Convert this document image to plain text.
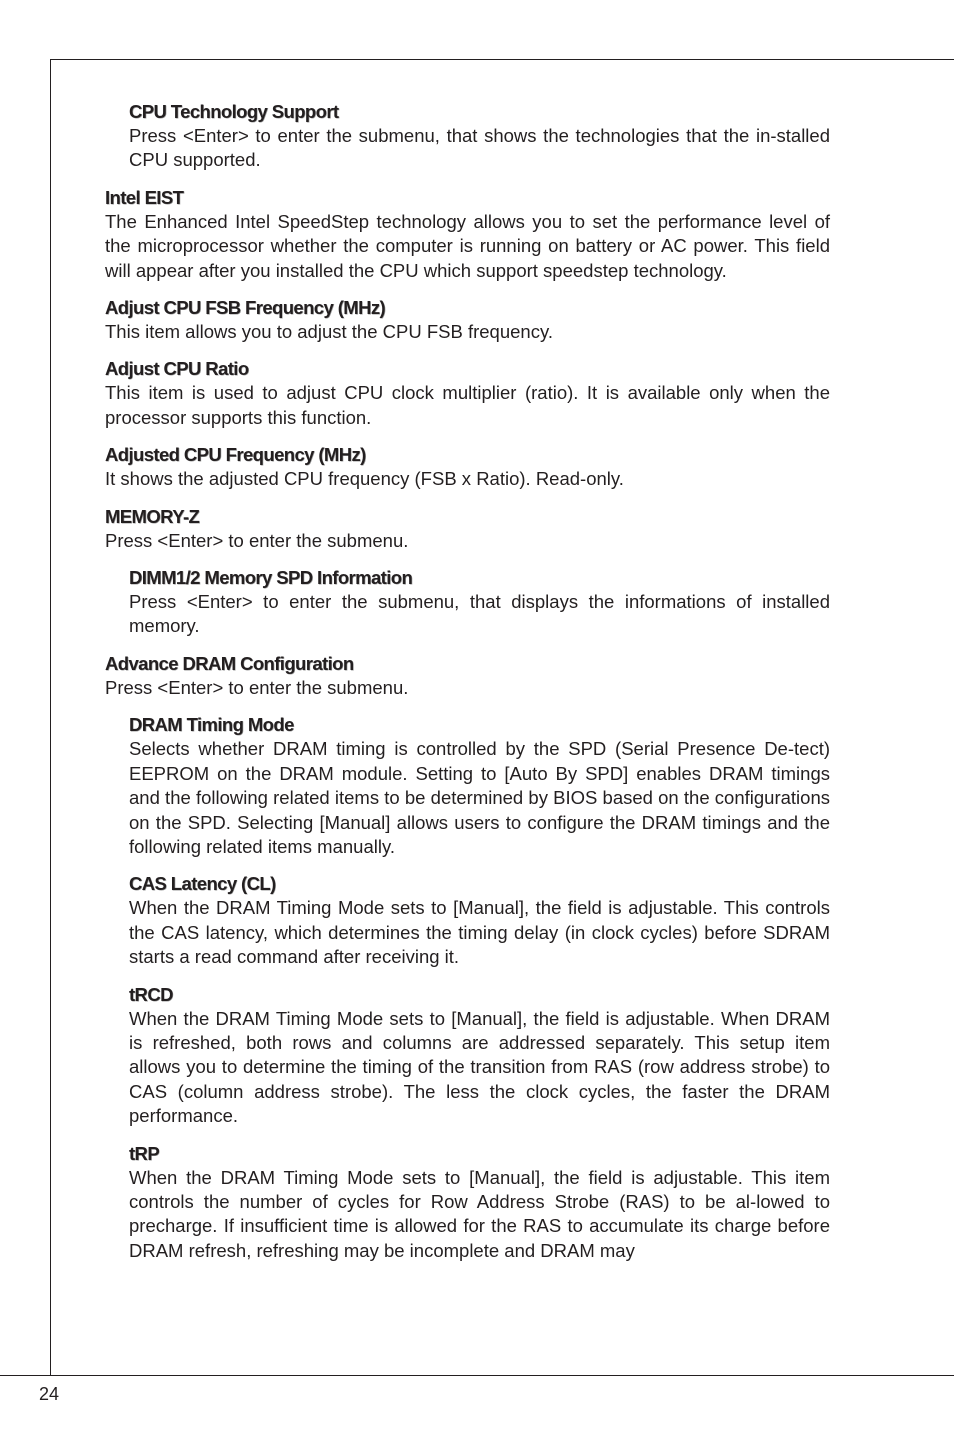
CPU Technology Support

Press <Enter> to enter the submenu, that shows the technologies that the in-stalled CPU supported.

Intel EIST

The Enhanced Intel SpeedStep technology allows you to set the performance level of the microprocessor whether the computer is running on battery or AC power. This field will appear after you installed the CPU which support speedstep technology.

Adjust CPU FSB Frequency (MHz)

This item allows you to adjust the CPU FSB frequency.

Adjust CPU Ratio

This item is used to adjust CPU clock multiplier (ratio). It is available only when the processor supports this function.

Adjusted CPU Frequency (MHz)

It shows the adjusted CPU frequency (FSB x Ratio). Read-only.

MEMORY-Z

Press <Enter> to enter the submenu.

DIMM1/2 Memory SPD Information

Press <Enter> to enter the submenu, that displays the informations of installed memory.

Advance DRAM Configuration

Press <Enter> to enter the submenu.

DRAM Timing Mode

Selects whether DRAM timing is controlled by the SPD (Serial Presence De-tect) EEPROM on the DRAM module. Setting to [Auto By SPD] enables DRAM timings and the following related items to be determined by BIOS based on the configurations on the SPD. Selecting [Manual] allows users to configure the DRAM timings and the following related items manually.

CAS Latency (CL)

When the DRAM Timing Mode sets to [Manual], the field is adjustable. This controls the CAS latency, which determines the timing delay (in clock cycles) before SDRAM starts a read command after receiving it.

tRCD

When the DRAM Timing Mode sets to [Manual], the field is adjustable. When DRAM is refreshed, both rows and columns are addressed separately. This setup item allows you to determine the timing of the transition from RAS (row address strobe) to CAS (column address strobe). The less the clock cycles, the faster the DRAM performance.

tRP

When the DRAM Timing Mode sets to [Manual], the field is adjustable. This item controls the number of cycles for Row Address Strobe (RAS) to be al-lowed to precharge. If insufficient time is allowed for the RAS to accumulate its charge before DRAM refresh, refreshing may be incomplete and DRAM may

24
